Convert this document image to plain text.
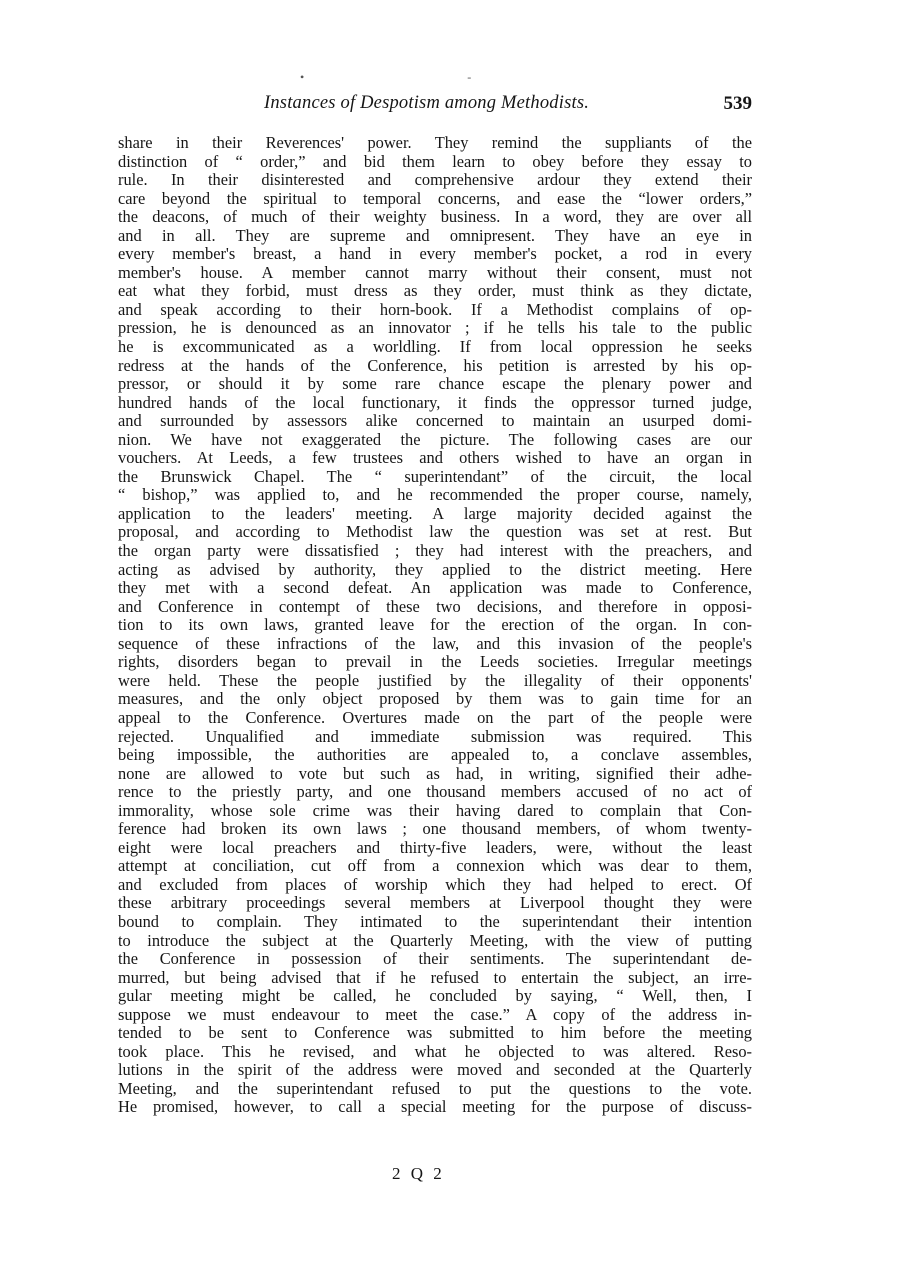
• ‐
Instances of Despotism among Methodists.	539
share in their Reverences' power. They remind the suppliants of the
distinction of “ order,” and bid them learn to obey before they essay to
rule. In their disinterested and comprehensive ardour they extend their
care beyond the spiritual to temporal concerns, and ease the “lower orders,”
the deacons, of much of their weighty business. In a word, they are over all
and in all. They are supreme and omnipresent. They have an eye in
every member's breast, a hand in every member's pocket, a rod in every
member's house. A member cannot marry without their consent, must not
eat what they forbid, must dress as they order, must think as they dictate,
and speak according to their horn-book. If a Methodist complains of op-
pression, he is denounced as an innovator ; if he tells his tale to the public
he is excommunicated as a worldling. If from local oppression he seeks
redress at the hands of the Conference, his petition is arrested by his op-
pressor, or should it by some rare chance escape the plenary power and
hundred hands of the local functionary, it finds the oppressor turned judge,
and surrounded by assessors alike concerned to maintain an usurped domi-
nion. We have not exaggerated the picture. The following cases are our
vouchers. At Leeds, a few trustees and others wished to have an organ in
the Brunswick Chapel. The “ superintendant” of the circuit, the local
“ bishop,” was applied to, and he recommended the proper course, namely,
application to the leaders' meeting. A large majority decided against the
proposal, and according to Methodist law the question was set at rest. But
the organ party were dissatisfied ; they had interest with the preachers, and
acting as advised by authority, they applied to the district meeting. Here
they met with a second defeat. An application was made to Conference,
and Conference in contempt of these two decisions, and therefore in opposi-
tion to its own laws, granted leave for the erection of the organ. In con-
sequence of these infractions of the law, and this invasion of the people's
rights, disorders began to prevail in the Leeds societies. Irregular meetings
were held. These the people justified by the illegality of their opponents'
measures, and the only object proposed by them was to gain time for an
appeal to the Conference. Overtures made on the part of the people were
rejected. Unqualified and immediate submission was required. This
being impossible, the authorities are appealed to, a conclave assembles,
none are allowed to vote but such as had, in writing, signified their adhe-
rence to the priestly party, and one thousand members accused of no act of
immorality, whose sole crime was their having dared to complain that Con-
ference had broken its own laws ; one thousand members, of whom twenty-
eight were local preachers and thirty-five leaders, were, without the least
attempt at conciliation, cut off from a connexion which was dear to them,
and excluded from places of worship which they had helped to erect. Of
these arbitrary proceedings several members at Liverpool thought they were
bound to complain. They intimated to the superintendant their intention
to introduce the subject at the Quarterly Meeting, with the view of putting
the Conference in possession of their sentiments. The superintendant de-
murred, but being advised that if he refused to entertain the subject, an irre-
gular meeting might be called, he concluded by saying, “ Well, then, I
suppose we must endeavour to meet the case.” A copy of the address in-
tended to be sent to Conference was submitted to him before the meeting
took place. This he revised, and what he objected to was altered. Reso-
lutions in the spirit of the address were moved and seconded at the Quarterly
Meeting, and the superintendant refused to put the questions to the vote.
He promised, however, to call a special meeting for the purpose of discuss-
2 Q 2
